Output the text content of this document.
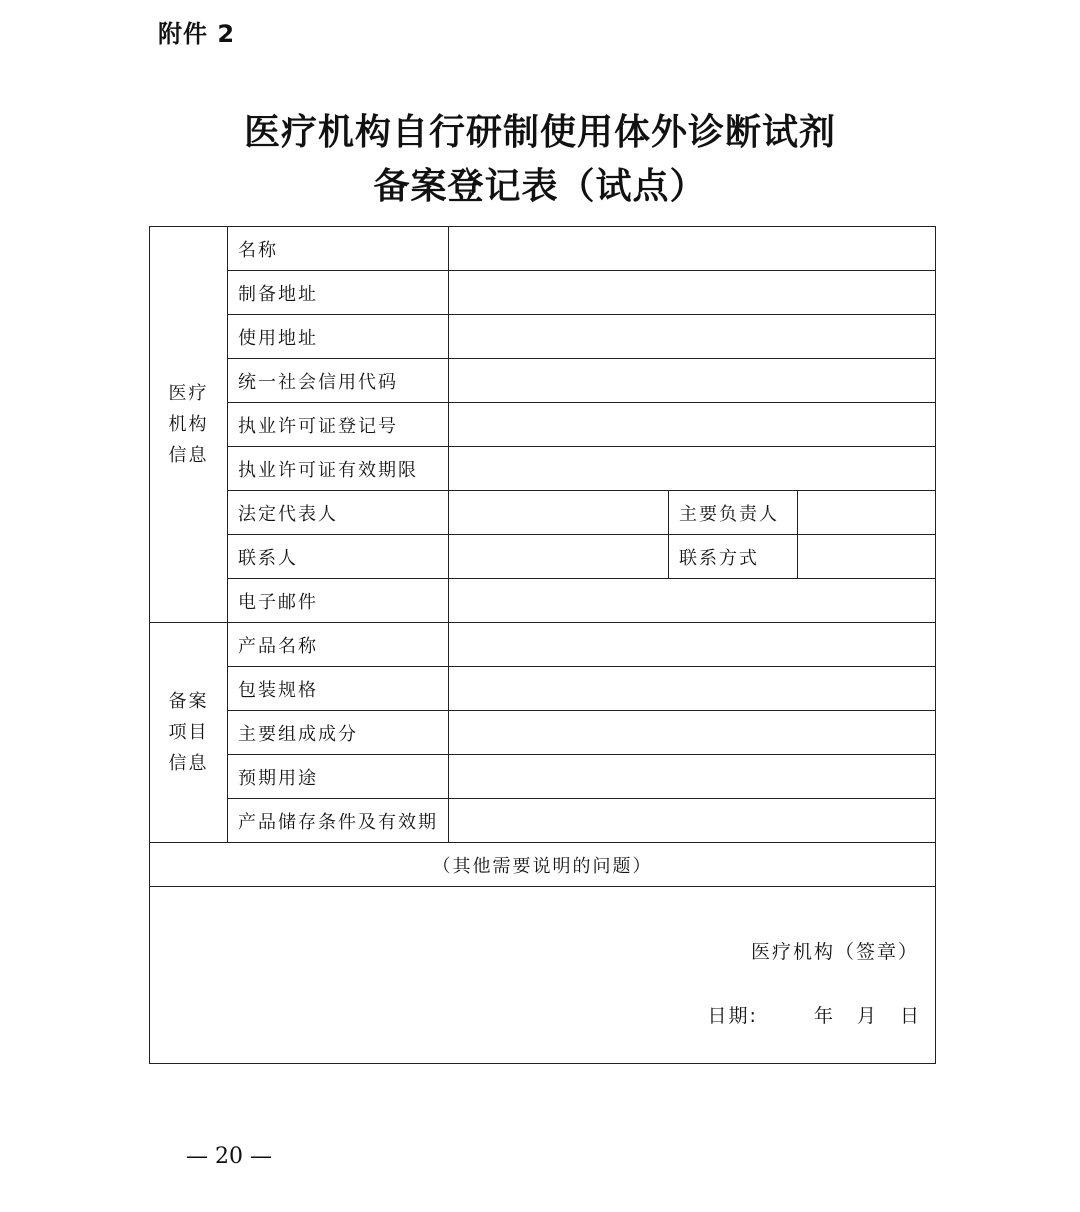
附件 2
医疗机构自行研制使用体外诊断试剂
备案登记表（试点）
医疗
机构
信息	名称			
	制备地址			
	使用地址			
	统一社会信用代码			
	执业许可证登记号			
	执业许可证有效期限			
	法定代表人		主要负责人	
	联系人		联系方式	
	电子邮件			

备案
项目
信息	产品名称			
	包装规格			
	主要组成成分			
	预期用途			
	产品储存条件及有效期			
（其他需要说明的问题）				

医疗机构（签章）
日期: 年 月 日				
— 20 —
